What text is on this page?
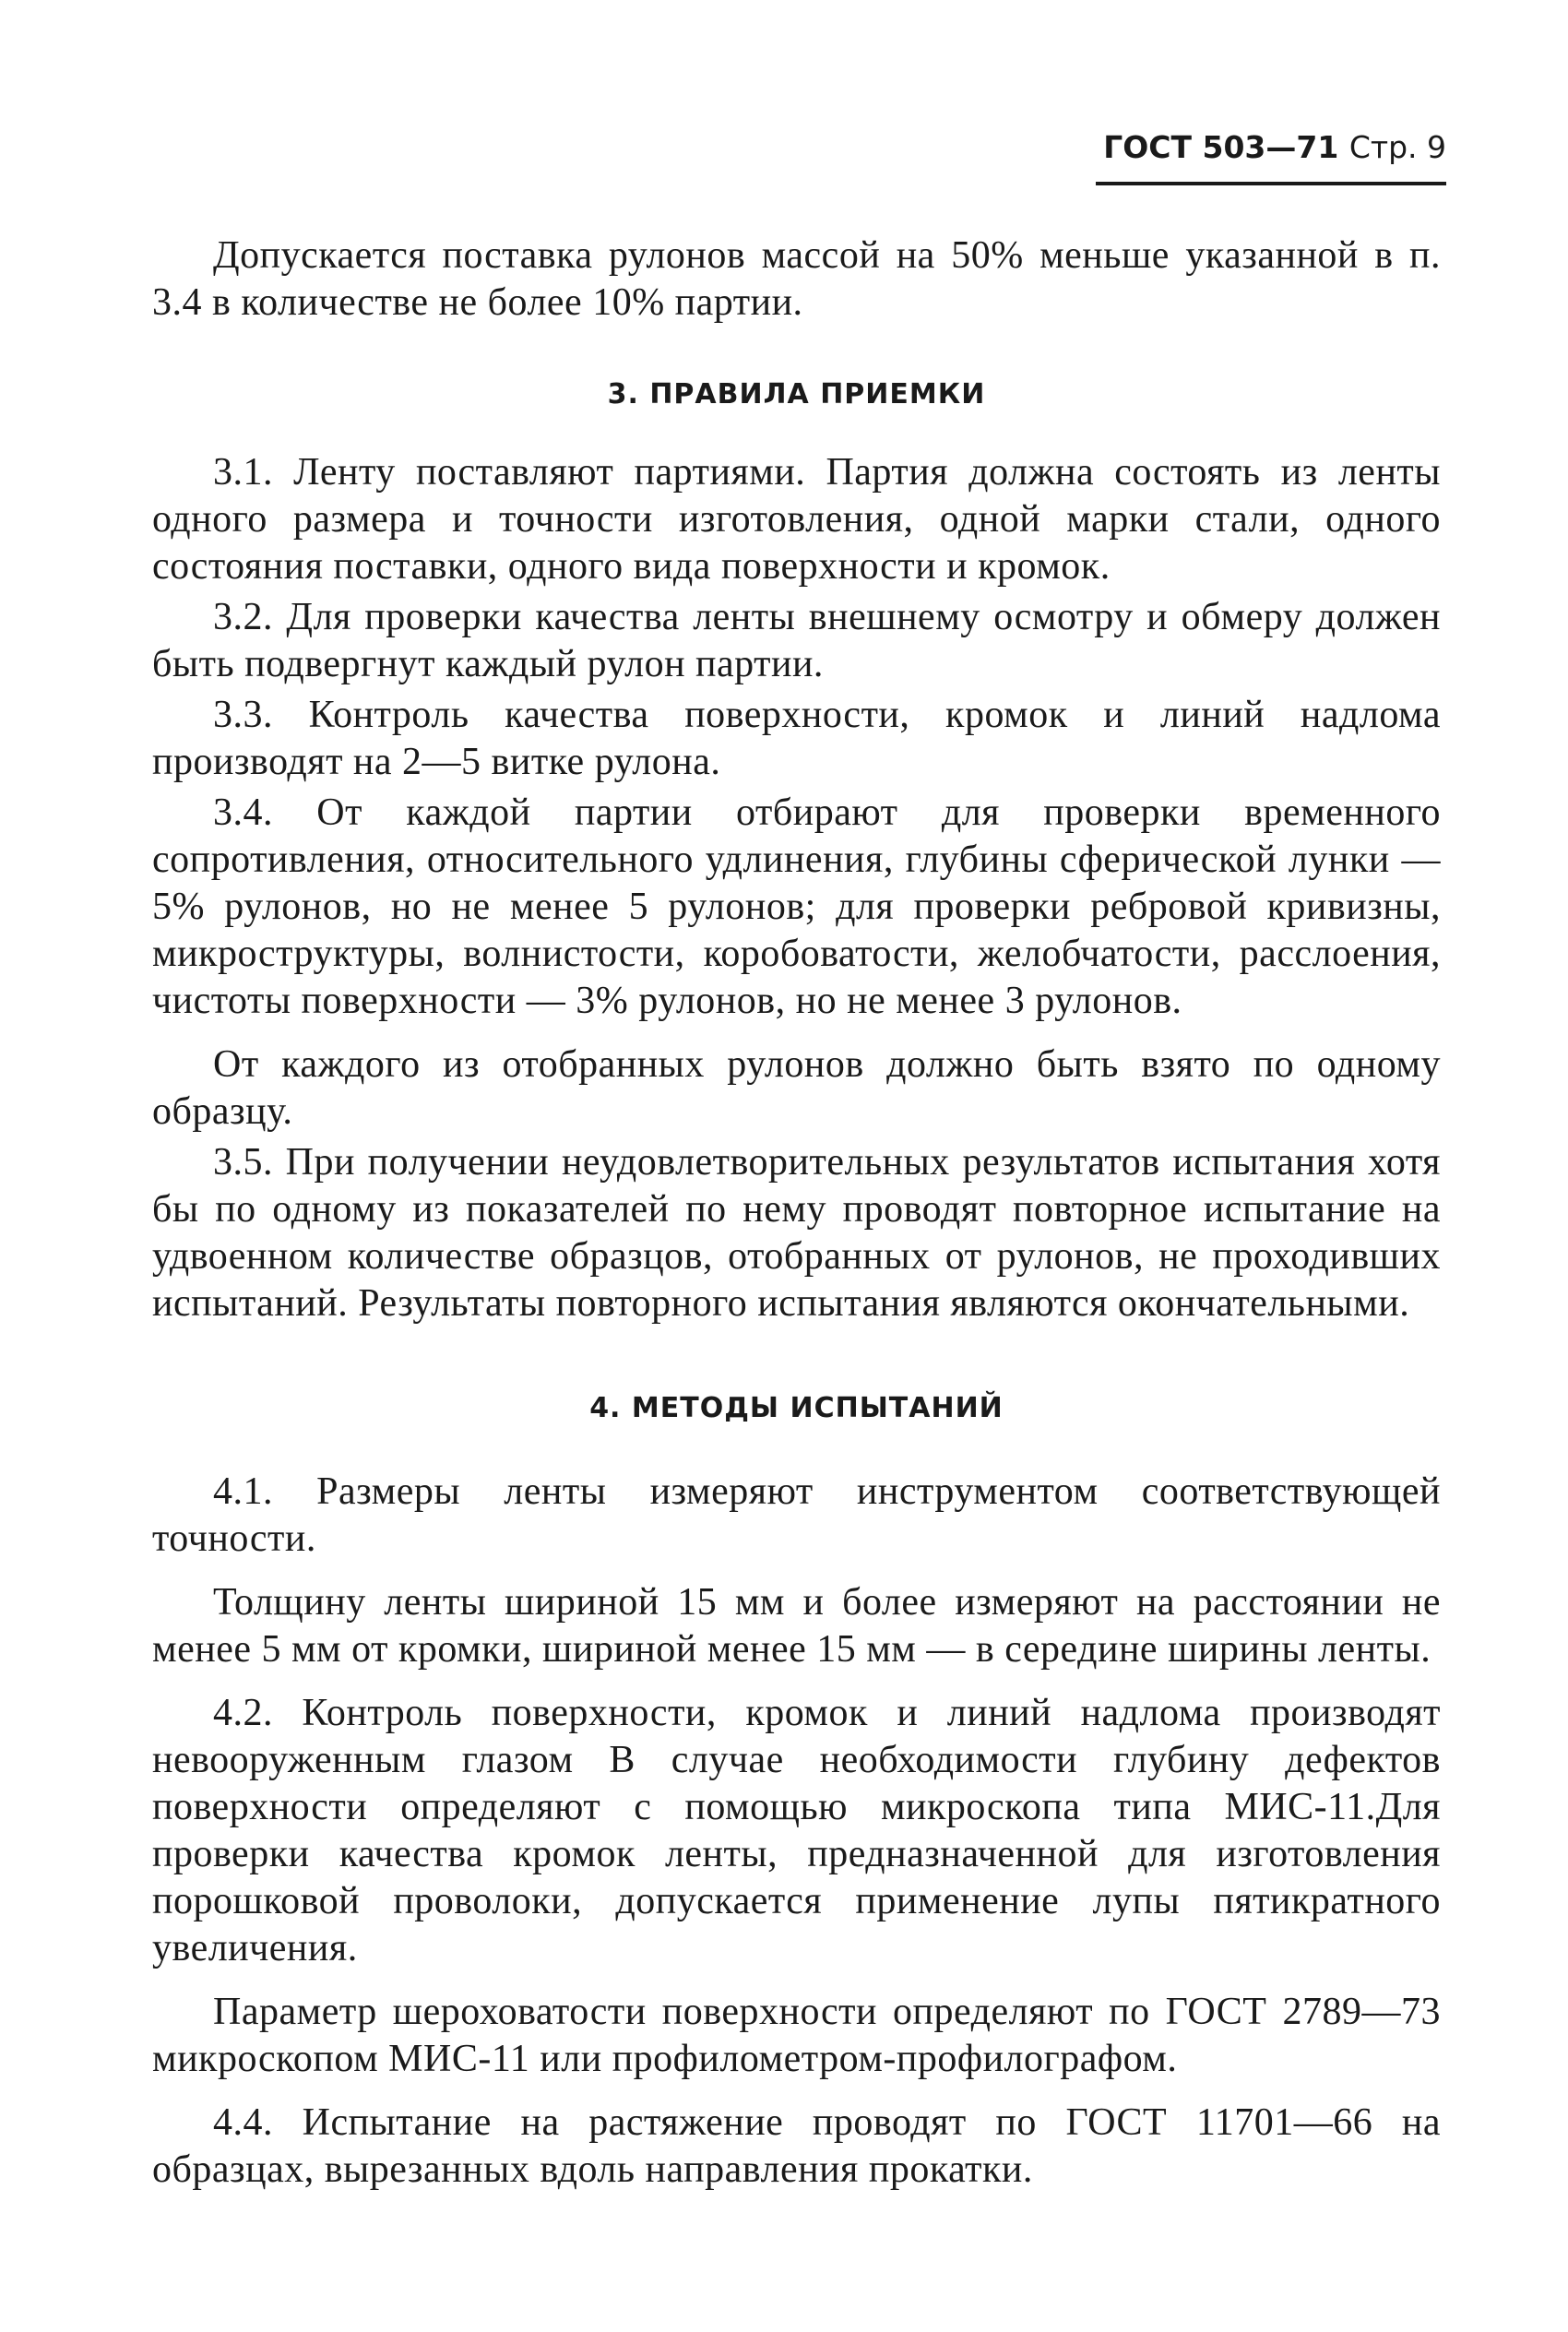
ГОСТ 503—71 Стр. 9

Допускается поставка рулонов массой на 50% меньше указанной в п. 3.4 в количестве не более 10% партии.

3. ПРАВИЛА ПРИЕМКИ

3.1. Ленту поставляют партиями. Партия должна состоять из ленты одного размера и точности изготовления, одной марки стали, одного состояния поставки, одного вида поверхности и кромок.

3.2. Для проверки качества ленты внешнему осмотру и обмеру должен быть подвергнут каждый рулон партии.

3.3. Контроль качества поверхности, кромок и линий надлома производят на 2—5 витке рулона.

3.4. От каждой партии отбирают для проверки временного сопротивления, относительного удлинения, глубины сферической лунки — 5% рулонов, но не менее 5 рулонов; для проверки ребровой кривизны, микроструктуры, волнистости, коробоватости, желобчатости, расслоения, чистоты поверхности — 3% рулонов, но не менее 3 рулонов.

От каждого из отобранных рулонов должно быть взято по одному образцу.

3.5. При получении неудовлетворительных результатов испытания хотя бы по одному из показателей по нему проводят повторное испытание на удвоенном количестве образцов, отобранных от рулонов, не проходивших испытаний. Результаты повторного испытания являются окончательными.

4. МЕТОДЫ ИСПЫТАНИЙ

4.1. Размеры ленты измеряют инструментом соответствующей точности.

Толщину ленты шириной 15 мм и более измеряют на расстоянии не менее 5 мм от кромки, шириной менее 15 мм — в середине ширины ленты.

4.2. Контроль поверхности, кромок и линий надлома производят невооруженным глазом В случае необходимости глубину дефектов поверхности определяют с помощью микроскопа типа МИС-11.Для проверки качества кромок ленты, предназначенной для изготовления порошковой проволоки, допускается применение лупы пятикратного увеличения.

Параметр шероховатости поверхности определяют по ГОСТ 2789—73 микроскопом МИС-11 или профилометром-профилографом.

4.4. Испытание на растяжение проводят по ГОСТ 11701—66 на образцах, вырезанных вдоль направления прокатки.
